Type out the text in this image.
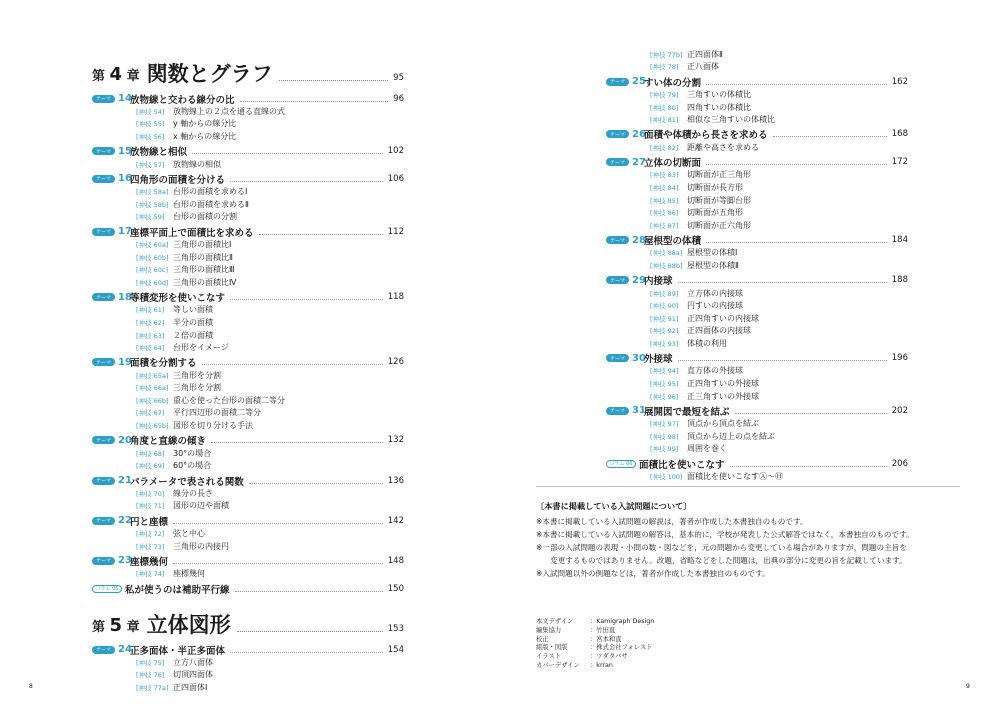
第 4 章 関数とグラフ	95
テーマ 14
放物線と交わる線分の比	96
[神技 54]	放物線上の２点を通る直線の式
[神技 55]	y 軸からの線分比
[神技 56]	x 軸からの線分比
テーマ 15
放物線と相似	102
[神技 57]	放物線の相似
テーマ 16
四角形の面積を分ける	106
[神技 58a] 台形の面積を求めるⅠ
[神技 58b] 台形の面積を求めるⅡ
[神技 59]	台形の面積の分割
テーマ 17
座標平面上で面積比を求める	112
[神技 60a] 三角形の面積比Ⅰ
[神技 60b] 三角形の面積比Ⅱ
[神技 60c] 三角形の面積比Ⅲ
[神技 60d] 三角形の面積比Ⅳ
テーマ 18
等積変形を使いこなす	118
[神技 61]	等しい面積
[神技 62]	半分の面積
[神技 63]	２倍の面積
[神技 64]	台形をイメージ
テーマ 19
面積を分割する	126
[神技 65a] 三角形を分割
[神技 66a] 三角形を分割
[神技 66b] 重心を使った台形の面積二等分
[神技 67]	平行四辺形の面積二等分
[神技 65b] 図形を切り分ける手法
テーマ 20
角度と直線の傾き	132
[神技 68]	30°の場合
[神技 69]	60°の場合
テーマ 21
パラメータで表される関数	136
[神技 70]	線分の長さ
[神技 71]	図形の辺や面積
テーマ 22
円と座標	142
[神技 72]	弦と中心
[神技 73]	三角形の内接円
テーマ 23
座標幾何	148
[神技 74]	座標幾何
コラム 05 私が使うのは補助平行線	150
第 5 章 立体図形	153
テーマ 24
正多面体・半正多面体	154
[神技 75]	立方八面体
[神技 76]	切頂四面体
[神技 77a] 正四面体Ⅰ
[神技 77b] 正四面体Ⅱ
[神技 78]	正八面体
テーマ 25
すい体の分割	162
[神技 79]	三角すいの体積比
[神技 80]	四角すいの体積比
[神技 81]	相似な三角すいの体積比
テーマ 26
面積や体積から長さを求める	168
[神技 82]	距離や高さを求める
テーマ 27
立体の切断面	172
[神技 83]	切断面が正三角形
[神技 84]	切断面が長方形
[神技 85]	切断面が等脚台形
[神技 86]	切断面が五角形
[神技 87]	切断面が正六角形
テーマ 28
屋根型の体積	184
[神技 88a] 屋根型の体積Ⅰ
[神技 88b] 屋根型の体積Ⅱ
テーマ 29
内接球	188
[神技 89]	立方体の内接球
[神技 90]	円すいの内接球
[神技 91]	正四角すいの内接球
[神技 92]	正四面体の内接球
[神技 93]	体積の利用
テーマ 30
外接球	196
[神技 94]	直方体の外接球
[神技 95]	正四角すいの外接球
[神技 96]	正三角すいの外接球
テーマ 31
展開図で最短を結ぶ	202
[神技 97]	頂点から頂点を結ぶ
[神技 98]	頂点から辺上の点を結ぶ
[神技 99]	周囲を巻く
コラム 06 面積比を使いこなす	206
[神技 100] 面積比を使いこなすⒶ〜Ⓗ
8	9
〔本書に掲載している入試問題について〕
※本書に掲載している入試問題の解説は，著者が作成した本書独自のものです。
※本書に掲載している入試問題の解答は，基本的に，学校が発表した公式解答ではなく，本書独自のものです。
※一部の入試問題の表現・小問の数・図などを，元の問題から変更している場合がありますが，問題の主旨を
変更するものではありません。改題，省略などをした問題は，出典の部分に変更の旨を記載しています。
※入試問題以外の例題などは，著者が作成した本書独自のものです。
本文デザイン	：Kamigraph Design
編集協力	：竹田直
校正	：宮本和直
組版・図版	：株式会社フォレスト
イラスト	：ツダタバサ
カバーデザイン	：krran
